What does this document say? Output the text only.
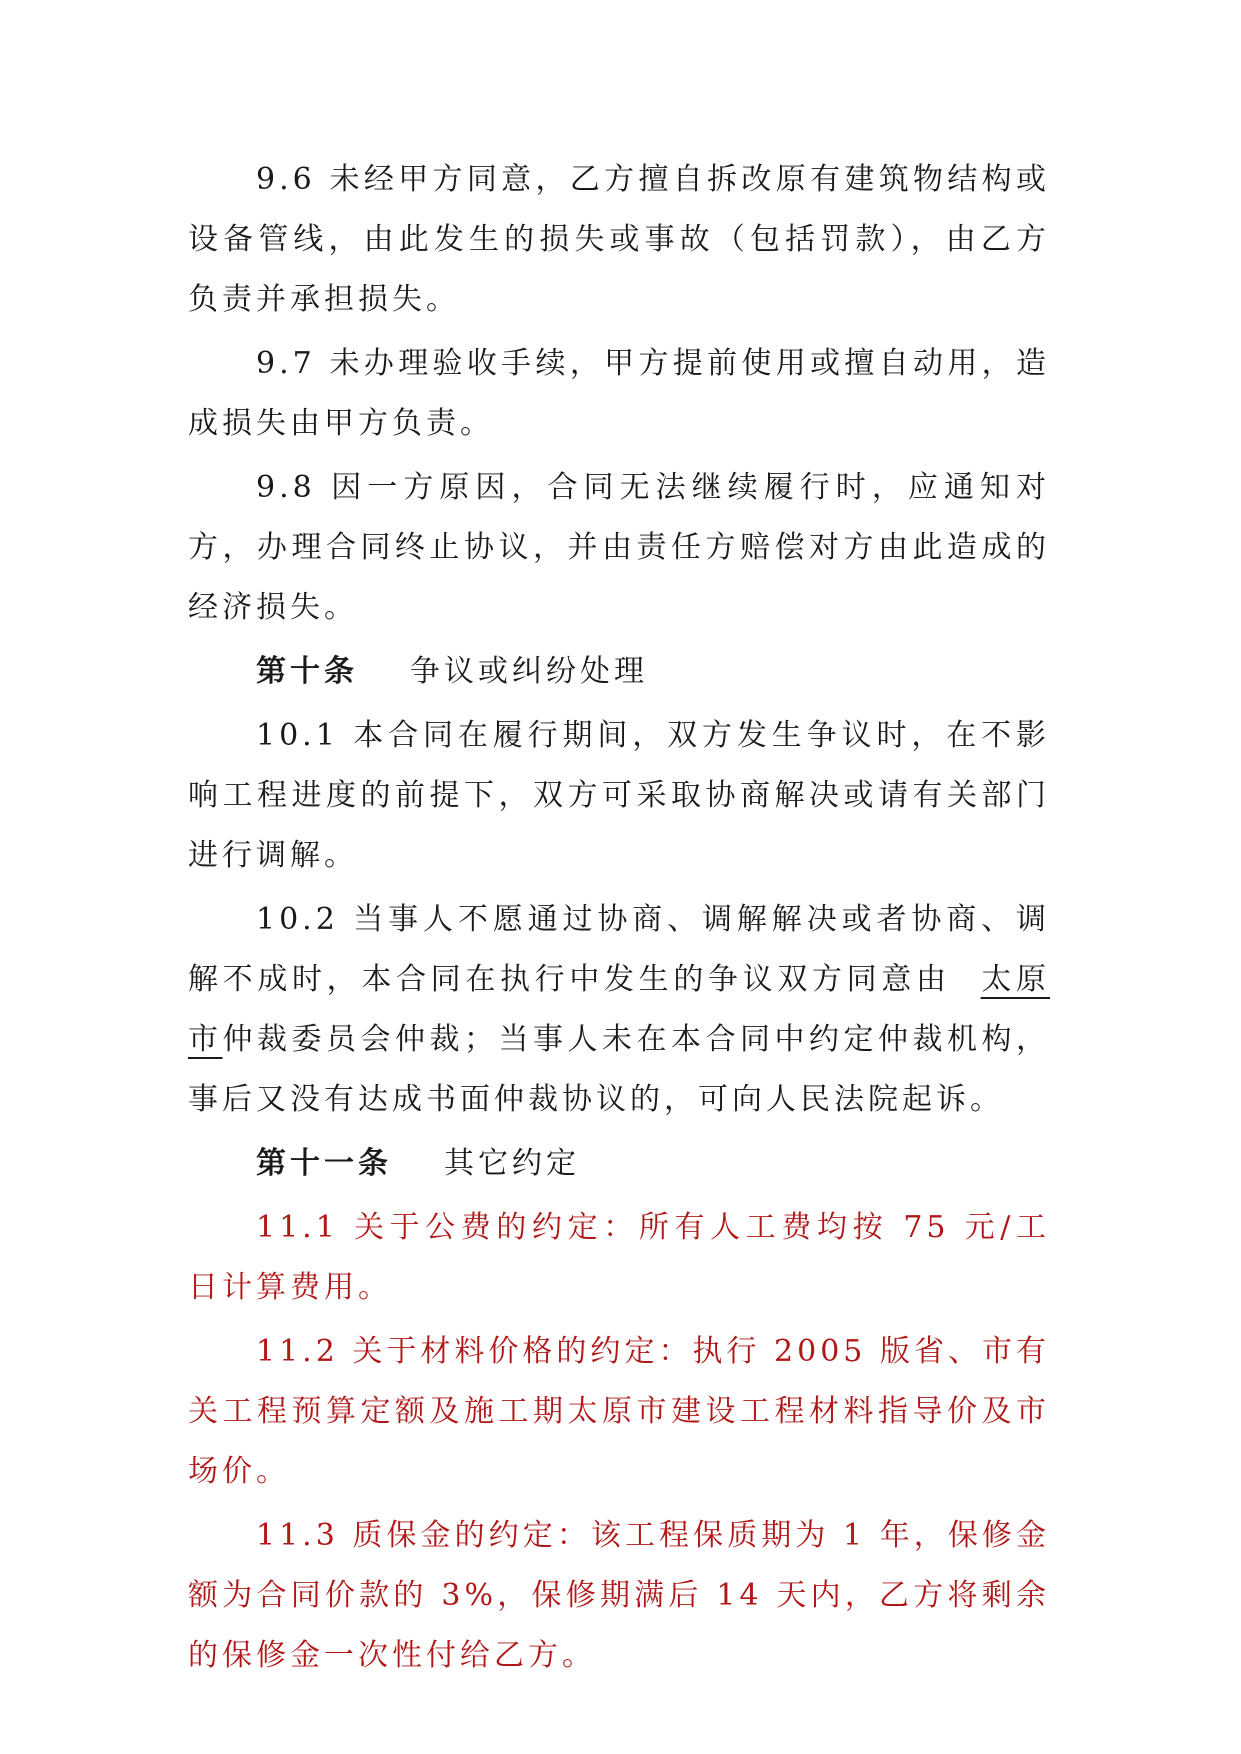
9.6 未经甲方同意，乙方擅自拆改原有建筑物结构或设备管线，由此发生的损失或事故（包括罚款），由乙方负责并承担损失。

9.7 未办理验收手续，甲方提前使用或擅自动用，造成损失由甲方负责。

9.8 因一方原因，合同无法继续履行时，应通知对方，办理合同终止协议，并由责任方赔偿对方由此造成的经济损失。

第十条 争议或纠纷处理

10.1 本合同在履行期间，双方发生争议时，在不影响工程进度的前提下，双方可采取协商解决或请有关部门进行调解。

10.2 当事人不愿通过协商、调解解决或者协商、调解不成时，本合同在执行中发生的争议双方同意由 太原市仲裁委员会仲裁；当事人未在本合同中约定仲裁机构，事后又没有达成书面仲裁协议的，可向人民法院起诉。

第十一条 其它约定

11.1 关于公费的约定：所有人工费均按 75 元/工日计算费用。

11.2 关于材料价格的约定：执行 2005 版省、市有关工程预算定额及施工期太原市建设工程材料指导价及市场价。

11.3 质保金的约定：该工程保质期为 1 年，保修金额为合同价款的 3%，保修期满后 14 天内，乙方将剩余的保修金一次性付给乙方。
